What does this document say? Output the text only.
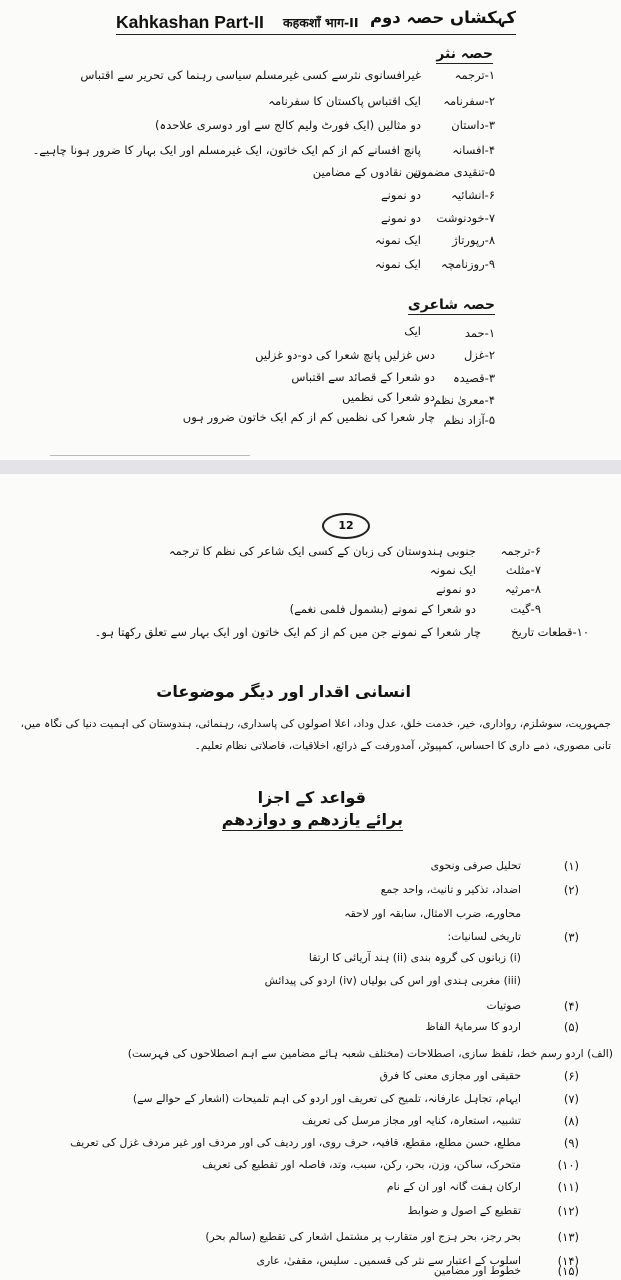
Kahkashan Part-II कहकशाँ भाग-II کہکشاں حصہ دوم
حصہ نثر
۱-ترجمہ
غیرافسانوی نثرسے کسی غیرمسلم سیاسی رہنما کی تحریر سے اقتباس
۲-سفرنامہ
ایک اقتباس پاکستان کا سفرنامہ
۳-داستان
دو مثالیں (ایک فورٹ ولیم کالج سے اور دوسری علاحدہ)
۴-افسانہ
پانچ افسانے کم از کم ایک خاتون، ایک غیرمسلم اور ایک بہار کا ضرور ہونا چاہیے۔
۵-تنقیدی مضمون
تین نقادوں کے مضامین
۶-انشائیہ
دو نمونے
۷-خودنوشت
دو نمونے
۸-رپورتاژ
ایک نمونہ
۹-روزنامچہ
ایک نمونہ
حصہ شاعری
۱-حمد
ایک
۲-غزل
دس غزلیں پانچ شعرا کی دو-دو غزلیں
۳-قصیدہ
دو شعرا کے قصائد سے اقتباس
۴-معریٰ نظم
دو شعرا کی نظمیں
۵-آزاد نظم
چار شعرا کی نظمیں کم از کم ایک خاتون ضرور ہوں
12
۶-ترجمہ
جنوبی ہندوستان کی زبان کے کسی ایک شاعر کی نظم کا ترجمہ
۷-مثلث
ایک نمونہ
۸-مرثیہ
دو نمونے
۹-گیت
دو شعرا کے نمونے (بشمول فلمی نغمے)
۱۰-قطعات تاریخ
چار شعرا کے نمونے جن میں کم از کم ایک خاتون اور ایک بہار سے تعلق رکھتا ہو۔
انسانی اقدار اور دیگر موضوعات
جمہوریت، سوشلزم، رواداری، خیر، خدمت خلق، عدل وداد، اعلا اصولوں کی پاسداری، رہنمائی، ہندوستان کی اہمیت دنیا کی نگاہ میں،
تانی مصوری، ذمے داری کا احساس، کمپیوٹر، آمدورفت کے ذرائع، اخلاقیات، فاصلاتی نظام تعلیم۔
قواعد کے اجزا
برائے یازدھم و دوازدھم
(۱)
تحلیل صرفی ونحوی
(۲)
اضداد، تذکیر و تانیث، واحد جمع
محاورے، ضرب الامثال، سابقہ اور لاحقہ
(۳)
تاریخی لسانیات:
(i) زبانوں کی گروہ بندی (ii) ہند آریائی کا ارتقا
(iii) مغربی ہندی اور اس کی بولیاں (iv) اردو کی پیدائش
(۴)
صوتیات
(۵)
اردو کا سرمایۂ الفاظ
(الف) اردو رسم خط، تلفظ سازی، اصطلاحات (مختلف شعبہ ہائے مضامین سے اہم اصطلاحوں کی فہرست)
(۶)
حقیقی اور مجازی معنی کا فرق
(۷)
ایہام، تجاہل عارفانہ، تلمیح کی تعریف اور اردو کی اہم تلمیحات (اشعار کے حوالے سے)
(۸)
تشبیہ، استعارہ، کنایہ اور مجاز مرسل کی تعریف
(۹)
مطلع، حسن مطلع، مقطع، قافیہ، حرف روی، اور ردیف کی اور مردف اور غیر مردف غزل کی تعریف
(۱۰)
متحرک، ساکن، وزن، بحر، رکن، سبب، وتد، فاصلہ اور تقطیع کی تعریف
(۱۱)
ارکان ہفت گانہ اور ان کے نام
(۱۲)
تقطیع کے اصول و ضوابط
(۱۳)
بحر رجز، بحر ہزج اور متقارب پر مشتمل اشعار کی تقطیع (سالم بحر)
(۱۴)
اسلوب کے اعتبار سے نثر کی قسمیں۔ سلیس، مقفیٰ، عاری
(۱۵)
خطوط اور مضامین
